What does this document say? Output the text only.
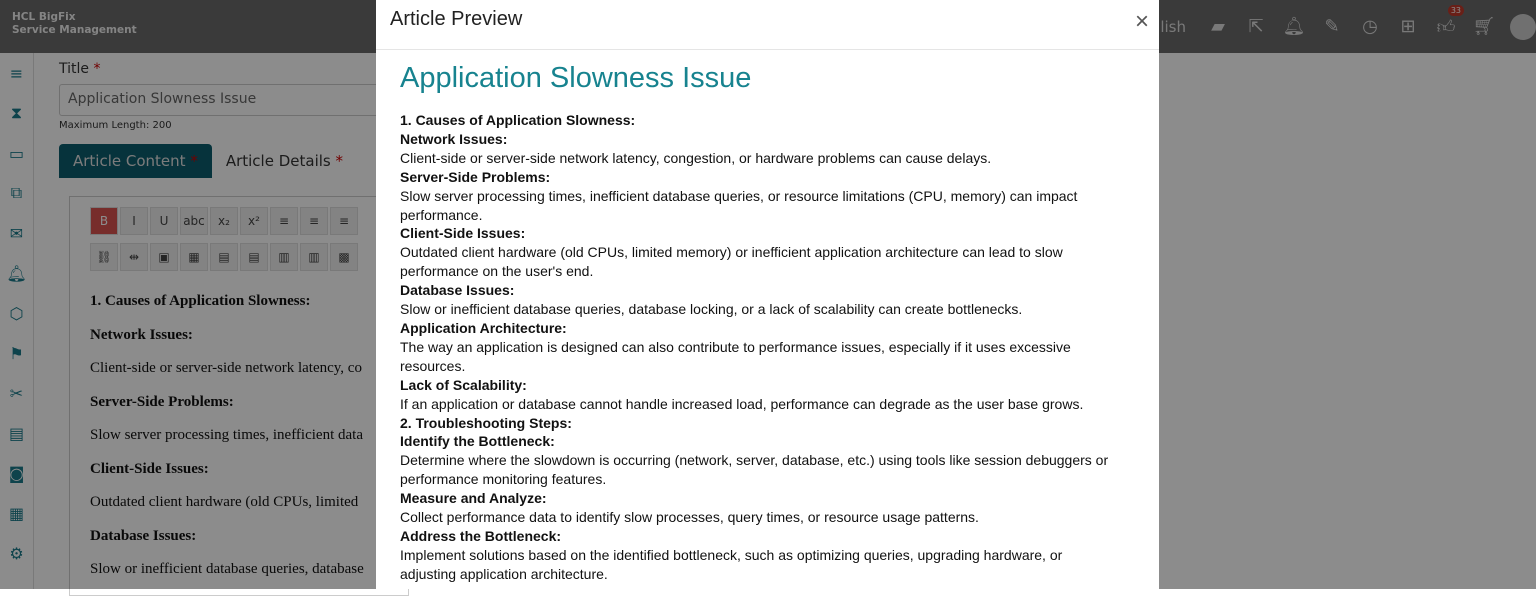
HCL BigFix
Service Management	lish ▰ ⇱ 🔔︎ ✎ ◷ ⊞ 👍︎
33
🛒︎
≡
⧗
▭
⧉
✉
🔔︎
⬡
⚑
✂
▤
◙
▦
⚙
Title *
Application Slowness Issue
Maximum Length: 200
Article Content *	Article Details *
B	I	U	abc	x₂	x²	≡	≡	≡
⛓	⇹	▣	▦	▤	▤	▥	▥	▩

1. Causes of Application Slowness:

Network Issues:

Client-side or server-side network latency, co

Server-Side Problems:

Slow server processing times, inefficient data

Client-Side Issues:

Outdated client hardware (old CPUs, limited

Database Issues:

Slow or inefficient database queries, database

Article Preview	×
Application Slowness Issue
1. Causes of Application Slowness:
Network Issues:
Client-side or server-side network latency, congestion, or hardware problems can cause delays.
Server-Side Problems:
Slow server processing times, inefficient database queries, or resource limitations (CPU, memory) can impact
performance.
Client-Side Issues:
Outdated client hardware (old CPUs, limited memory) or inefficient application architecture can lead to slow
performance on the user's end.
Database Issues:
Slow or inefficient database queries, database locking, or a lack of scalability can create bottlenecks.
Application Architecture:
The way an application is designed can also contribute to performance issues, especially if it uses excessive
resources.
Lack of Scalability:
If an application or database cannot handle increased load, performance can degrade as the user base grows.
2. Troubleshooting Steps:
Identify the Bottleneck:
Determine where the slowdown is occurring (network, server, database, etc.) using tools like session debuggers or
performance monitoring features.
Measure and Analyze:
Collect performance data to identify slow processes, query times, or resource usage patterns.
Address the Bottleneck:
Implement solutions based on the identified bottleneck, such as optimizing queries, upgrading hardware, or
adjusting application architecture.
